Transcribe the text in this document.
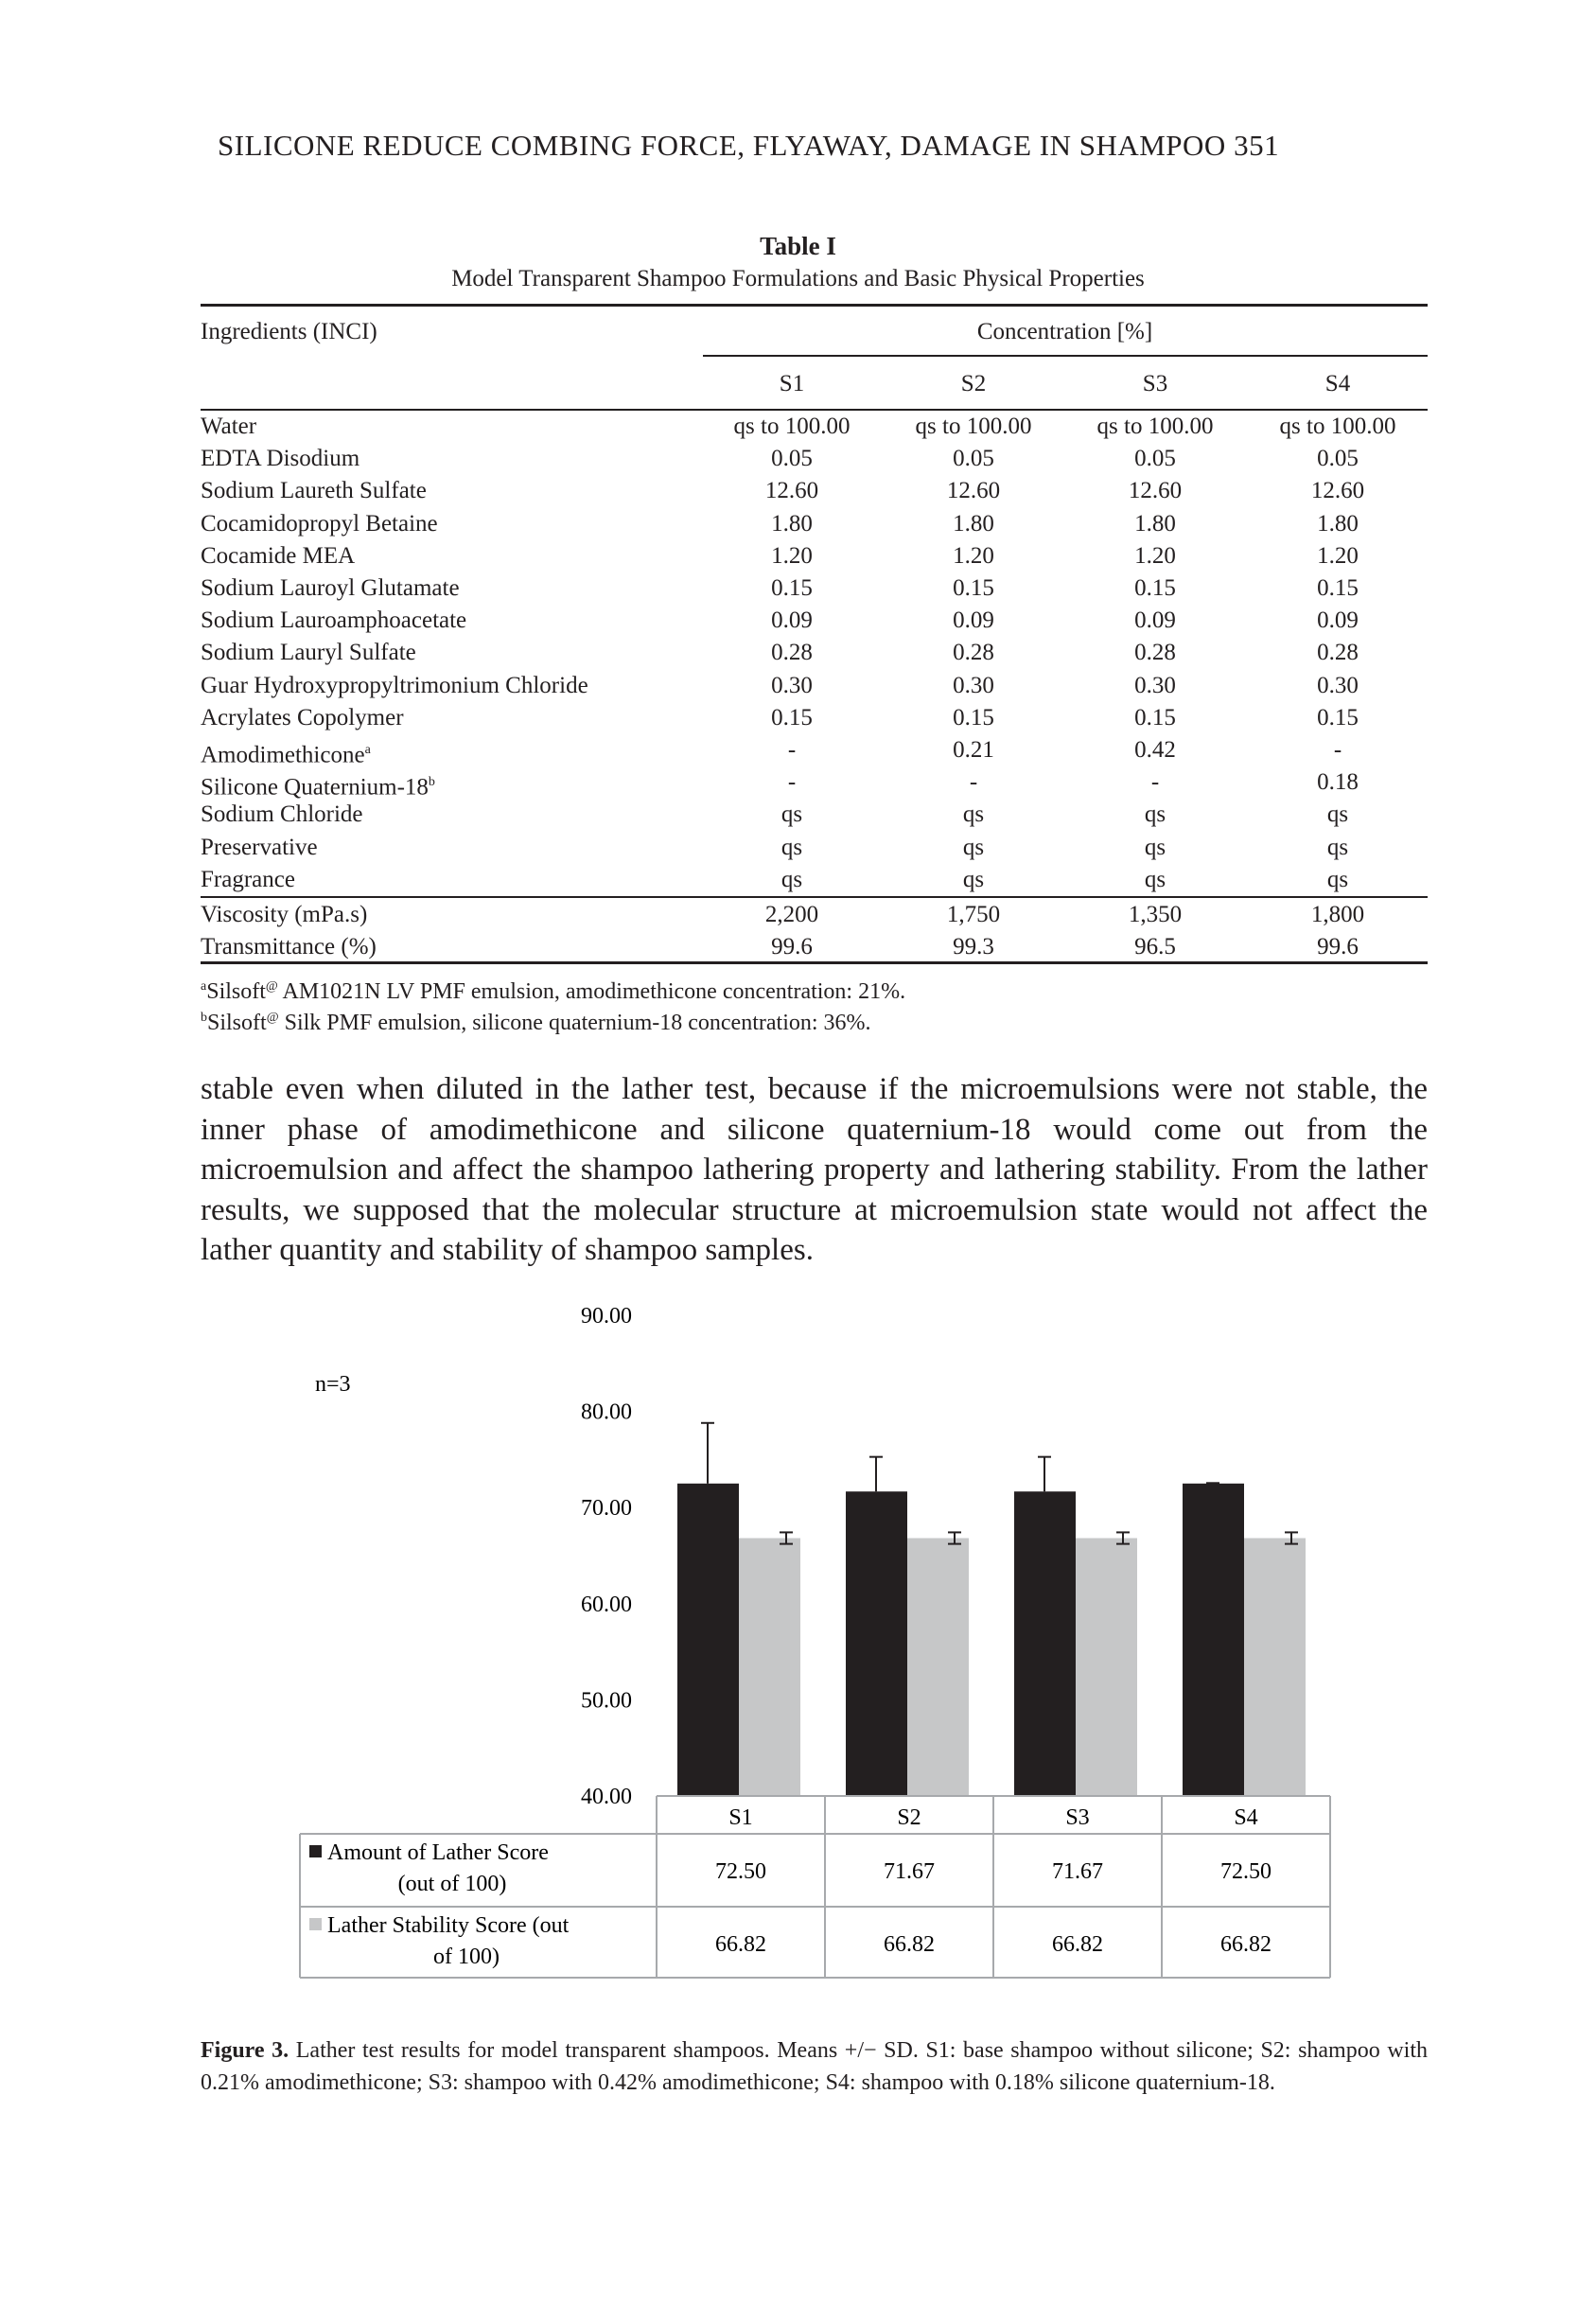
SILICONE REDUCE COMBING FORCE, FLYAWAY, DAMAGE IN SHAMPOO 351
Table I
Model Transparent Shampoo Formulations and Basic Physical Properties
Ingredients (INCI)	Concentration [%]
S1	S2	S3	S4
Water	qs to 100.00	qs to 100.00	qs to 100.00	qs to 100.00
EDTA Disodium	0.05	0.05	0.05	0.05
Sodium Laureth Sulfate	12.60	12.60	12.60	12.60
Cocamidopropyl Betaine	1.80	1.80	1.80	1.80
Cocamide MEA	1.20	1.20	1.20	1.20
Sodium Lauroyl Glutamate	0.15	0.15	0.15	0.15
Sodium Lauroamphoacetate	0.09	0.09	0.09	0.09
Sodium Lauryl Sulfate	0.28	0.28	0.28	0.28
Guar Hydroxypropyltrimonium Chloride	0.30	0.30	0.30	0.30
Acrylates Copolymer	0.15	0.15	0.15	0.15
Amodimethicone$^a$	-	0.21	0.42	-
Silicone Quaternium-18$^b$	-	-	-	0.18
Sodium Chloride	qs	qs	qs	qs
Preservative	qs	qs	qs	qs
Fragrance	qs	qs	qs	qs
Viscosity (mPa.s)	2,200	1,750	1,350	1,800
Transmittance (%)	99.6	99.3	96.5	99.6
$^a$Silsoft@ AM1021N LV PMF emulsion, amodimethicone concentration: 21%.
$^b$Silsoft@ Silk PMF emulsion, silicone quaternium-18 concentration: 36%.
stable even when diluted in the lather test, because if the microemulsions were not stable, the inner phase of amodimethicone and silicone quaternium-18 would come out from the microemulsion and affect the shampoo lathering property and lathering stability. From the lather results, we supposed that the molecular structure at microemulsion state would not affect the lather quantity and stability of shampoo samples.
n=3
90.00
80.00
70.00
60.00
50.00
40.00
S1	S2	S3	S4
Amount of Lather Score
(out of 100)	72.50	71.67	71.67	72.50
Lather Stability Score (out
of 100)	66.82	66.82	66.82	66.82
Figure 3. Lather test results for model transparent shampoos. Means +/− SD. S1: base shampoo without silicone; S2: shampoo with 0.21% amodimethicone; S3: shampoo with 0.42% amodimethicone; S4: shampoo with 0.18% silicone quaternium-18.
